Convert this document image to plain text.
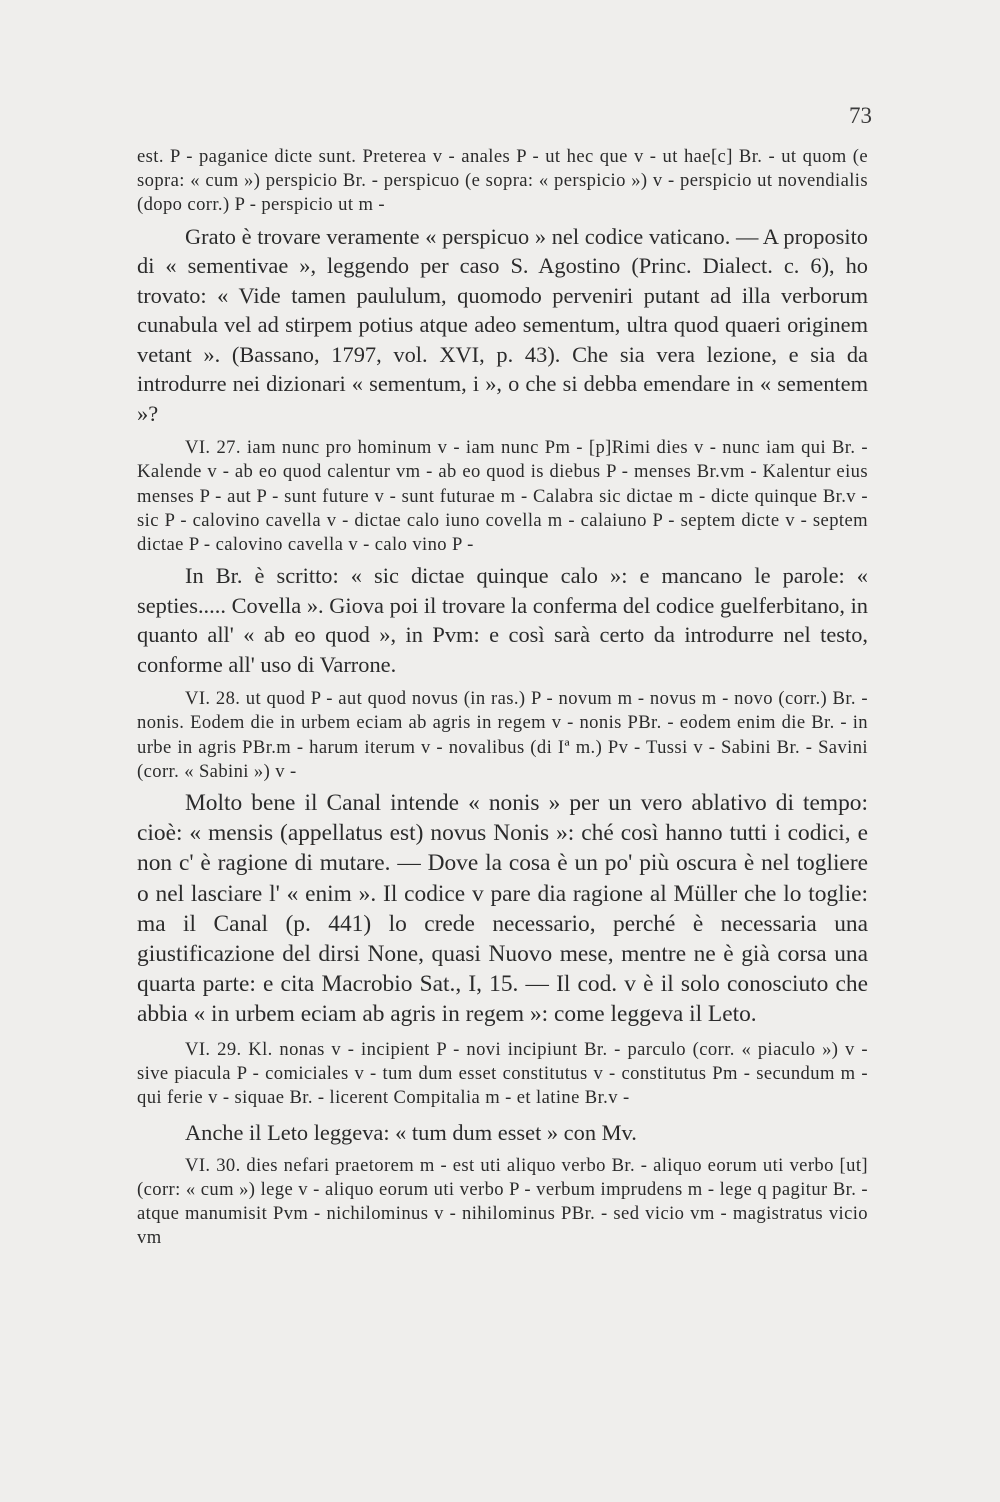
73

est. P - paganice dicte sunt. Preterea v - anales P - ut hec que v - ut hae[c] Br. - ut quom (e sopra: « cum ») perspicio Br. - perspicuo (e sopra: « perspicio ») v - perspicio ut novendialis (dopo corr.) P - perspicio ut m -

Grato è trovare veramente « perspicuo » nel codice vaticano. — A proposito di « sementivae », leggendo per caso S. Agostino (Princ. Dialect. c. 6), ho trovato: « Vide tamen paululum, quomodo perveniri putant ad illa verborum cunabula vel ad stirpem potius atque adeo sementum, ultra quod quaeri originem vetant ». (Bassano, 1797, vol. XVI, p. 43). Che sia vera lezione, e sia da introdurre nei dizionari « sementum, i », o che si debba emendare in « sementem »?

VI. 27. iam nunc pro hominum v - iam nunc Pm - [p]Rimi dies v - nunc iam qui Br. - Kalende v - ab eo quod calentur vm - ab eo quod is diebus P - menses Br.vm - Kalentur eius menses P - aut P - sunt future v - sunt futurae m - Calabra sic dictae m - dicte quinque Br.v - sic P - calovino cavella v - dictae calo iuno covella m - calaiuno P - septem dicte v - septem dictae P - calovino cavella v - calo vino P -

In Br. è scritto: « sic dictae quinque calo »: e mancano le parole: « septies..... Covella ». Giova poi il trovare la conferma del codice guelferbitano, in quanto all' « ab eo quod », in Pvm: e così sarà certo da introdurre nel testo, conforme all' uso di Varrone.

VI. 28. ut quod P - aut quod novus (in ras.) P - novum m - novus m - novo (corr.) Br. - nonis. Eodem die in urbem eciam ab agris in regem v - nonis PBr. - eodem enim die Br. - in urbe in agris PBr.m - harum iterum v - novalibus (di Iª m.) Pv - Tussi v - Sabini Br. - Savini (corr. « Sabini ») v -

Molto bene il Canal intende « nonis » per un vero ablativo di tempo: cioè: « mensis (appellatus est) novus Nonis »: ché così hanno tutti i codici, e non c' è ragione di mutare. — Dove la cosa è un po' più oscura è nel togliere o nel lasciare l' « enim ». Il codice v pare dia ragione al Müller che lo toglie: ma il Canal (p. 441) lo crede necessario, perché è necessaria una giustificazione del dirsi None, quasi Nuovo mese, mentre ne è già corsa una quarta parte: e cita Macrobio Sat., I, 15. — Il cod. v è il solo conosciuto che abbia « in urbem eciam ab agris in regem »: come leggeva il Leto.

VI. 29. Kl. nonas v - incipient P - novi incipiunt Br. - parculo (corr. « piaculo ») v - sive piacula P - comiciales v - tum dum esset constitutus v - constitutus Pm - secundum m - qui ferie v - siquae Br. - licerent Compitalia m - et latine Br.v -

Anche il Leto leggeva: « tum dum esset » con Mv.

VI. 30. dies nefari praetorem m - est uti aliquo verbo Br. - aliquo eorum uti verbo [ut] (corr: « cum ») lege v - aliquo eorum uti verbo P - verbum imprudens m - lege q pagitur Br. - atque manumisit Pvm - nichilominus v - nihilominus PBr. - sed vicio vm - magistratus vicio vm
